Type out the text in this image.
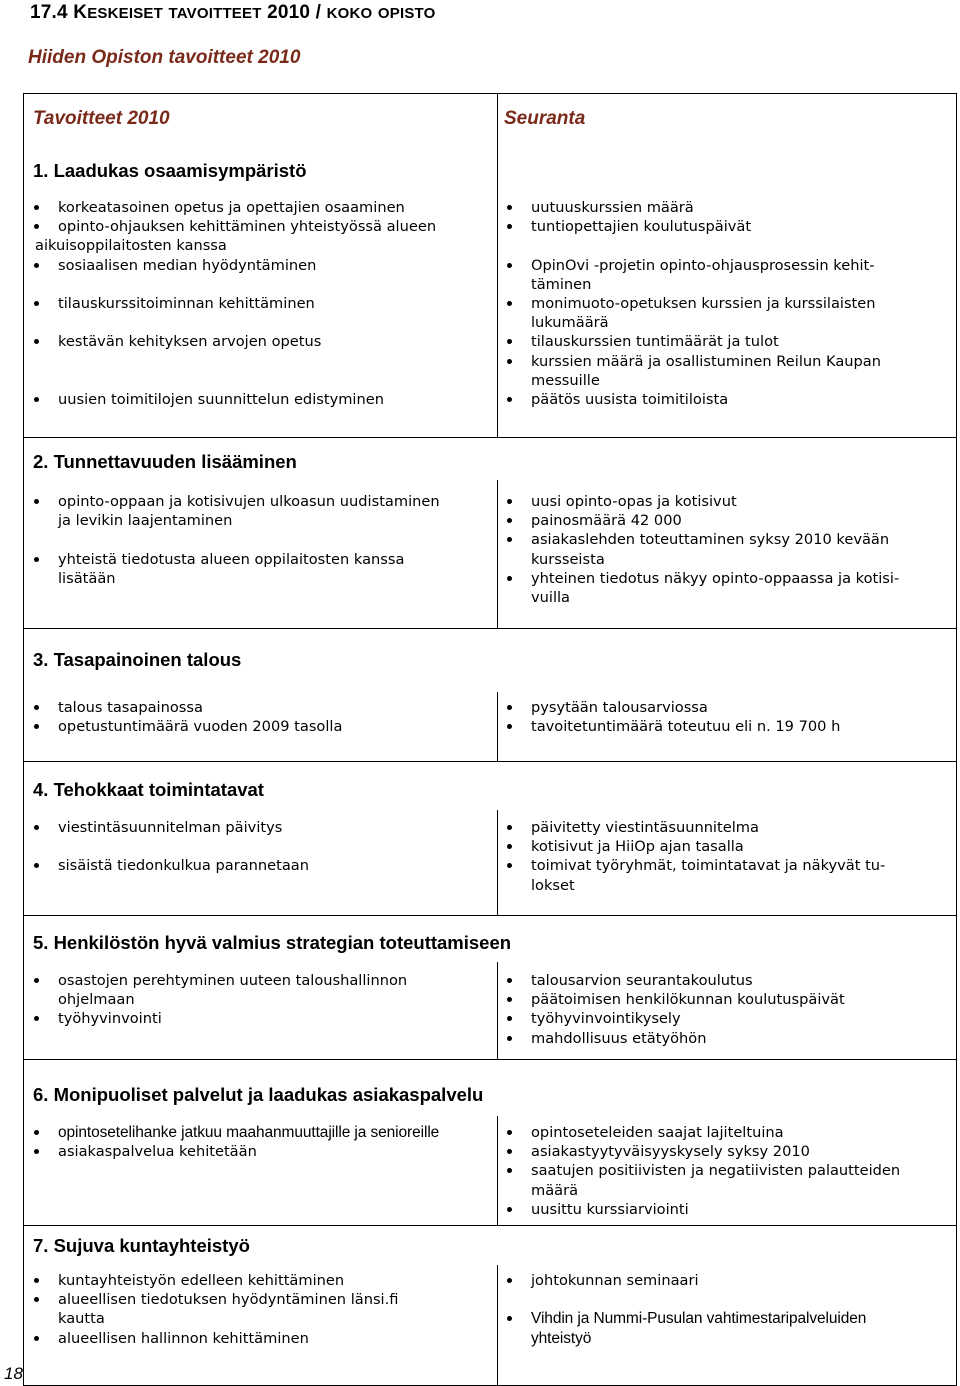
17.4 KESKEISET TAVOITTEET 2010 / KOKO OPISTO
Hiiden Opiston tavoitteet 2010
Tavoitteet 2010	Seuranta
1. Laadukas osaamisympäristö
korkeatasoinen opetus ja opettajien osaaminen
opinto-ohjauksen kehittäminen yhteistyössä alueen
aikuisoppilaitosten kanssa
sosiaalisen median hyödyntäminen
tilauskurssitoiminnan kehittäminen
kestävän kehityksen arvojen opetus
uusien toimitilojen suunnittelun edistyminen
uutuuskurssien määrä
tuntiopettajien koulutuspäivät
OpinOvi -projetin opinto-ohjausprosessin kehit-
täminen
monimuoto-opetuksen kurssien ja kurssilaisten
lukumäärä
tilauskurssien tuntimäärät ja tulot
kurssien määrä ja osallistuminen Reilun Kaupan
messuille
päätös uusista toimitiloista
2. Tunnettavuuden lisääminen
opinto-oppaan ja kotisivujen ulkoasun uudistaminen
ja levikin laajentaminen
yhteistä tiedotusta alueen oppilaitosten kanssa
lisätään
uusi opinto-opas ja kotisivut
painosmäärä 42 000
asiakaslehden toteuttaminen syksy 2010 kevään
kursseista
yhteinen tiedotus näkyy opinto-oppaassa ja kotisi-
vuilla
3. Tasapainoinen talous
talous tasapainossa
opetustuntimäärä vuoden 2009 tasolla
pysytään talousarviossa
tavoitetuntimäärä toteutuu eli n. 19 700 h
4. Tehokkaat toimintatavat
viestintäsuunnitelman päivitys
sisäistä tiedonkulkua parannetaan
päivitetty viestintäsuunnitelma
kotisivut ja HiiOp ajan tasalla
toimivat työryhmät, toimintatavat ja näkyvät tu-
lokset
5. Henkilöstön hyvä valmius strategian toteuttamiseen
osastojen perehtyminen uuteen taloushallinnon
ohjelmaan
työhyvinvointi
talousarvion seurantakoulutus
päätoimisen henkilökunnan koulutuspäivät
työhyvinvointikysely
mahdollisuus etätyöhön
6. Monipuoliset palvelut ja laadukas asiakaspalvelu
opintosetelihanke jatkuu maahanmuuttajille ja senioreille
asiakaspalvelua kehitetään
opintoseteleiden saajat lajiteltuina
asiakastyytyväisyyskysely syksy 2010
saatujen positiivisten ja negatiivisten palautteiden
määrä
uusittu kurssiarviointi
7. Sujuva kuntayhteistyö
kuntayhteistyön edelleen kehittäminen
alueellisen tiedotuksen hyödyntäminen länsi.fi
kautta
alueellisen hallinnon kehittäminen
johtokunnan seminaari
Vihdin ja Nummi-Pusulan vahtimestaripalveluiden
yhteistyö
18
